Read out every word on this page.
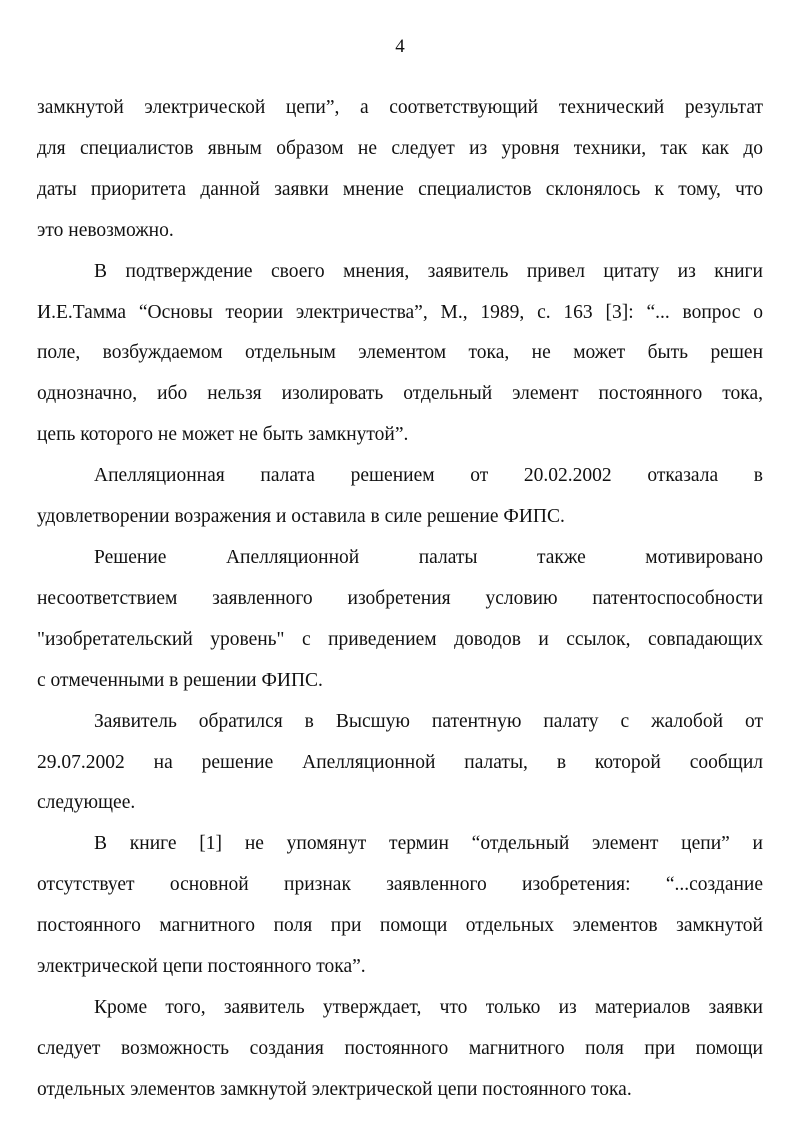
4

замкнутой электрической цепи”, а соответствующий технический результат
для специалистов явным образом не следует из уровня техники, так как до
даты приоритета данной заявки мнение специалистов склонялось к тому, что
это невозможно.

В подтверждение своего мнения, заявитель привел цитату из книги
И.Е.Тамма “Основы теории электричества”, М., 1989, с. 163 [3]: “... вопрос о
поле, возбуждаемом отдельным элементом тока, не может быть решен
однозначно, ибо нельзя изолировать отдельный элемент постоянного тока,
цепь которого не может не быть замкнутой”.

Апелляционная палата решением от 20.02.2002 отказала в
удовлетворении возражения и оставила в силе решение ФИПС.

Решение Апелляционной палаты также мотивировано
несоответствием заявленного изобретения условию патентоспособности
"изобретательский уровень" с приведением доводов и ссылок, совпадающих
с отмеченными в решении ФИПС.

Заявитель обратился в Высшую патентную палату с жалобой от
29.07.2002 на решение Апелляционной палаты, в которой сообщил
следующее.

В книге [1] не упомянут термин “отдельный элемент цепи” и
отсутствует основной признак заявленного изобретения: “...создание
постоянного магнитного поля при помощи отдельных элементов замкнутой
электрической цепи постоянного тока”.

Кроме того, заявитель утверждает, что только из материалов заявки
следует возможность создания постоянного магнитного поля при помощи
отдельных элементов замкнутой электрической цепи постоянного тока.
